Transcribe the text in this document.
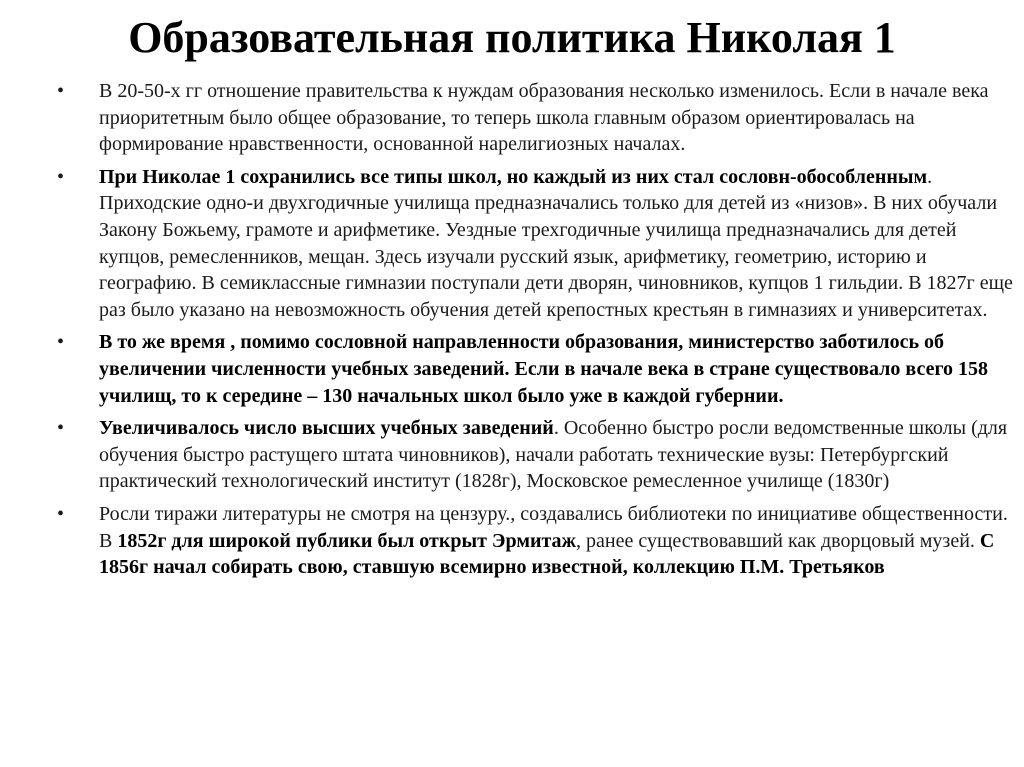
Образовательная политика Николая 1
•	В 20-50-х гг отношение правительства к нуждам образования несколько изменилось. Если в начале века приоритетным было общее образование, то теперь школа главным образом ориентировалась на формирование нравственности, основанной нарелигиозных началах.
•	При Николае 1 сохранились все типы школ, но каждый из них стал сословн-обособленным. Приходские одно-и двухгодичные училища предназначались только для детей из «низов». В них обучали Закону Божьему, грамоте и арифметике. Уездные трехгодичные училища предназначались для детей купцов, ремесленников, мещан. Здесь изучали русский язык, арифметику, геометрию, историю и географию. В семиклассные гимназии поступали дети дворян, чиновников, купцов 1 гильдии. В 1827г еще раз было указано на невозможность обучения детей крепостных крестьян в гимназиях и университетах.
•	В то же время , помимо сословной направленности образования, министерство заботилось об увеличении численности учебных заведений. Если в начале века в стране существовало всего 158 училищ, то к середине – 130 начальных школ было уже в каждой губернии.
•	Увеличивалось число высших учебных заведений. Особенно быстро росли ведомственные школы (для обучения быстро растущего штата чиновников), начали работать технические вузы: Петербургский практический технологический институт (1828г), Московское ремесленное училище (1830г)
•	Росли тиражи литературы не смотря на цензуру., создавались библиотеки по инициативе общественности. В 1852г для широкой публики был открыт Эрмитаж, ранее существовавший как дворцовый музей. С 1856г начал собирать свою, ставшую всемирно известной, коллекцию П.М. Третьяков
